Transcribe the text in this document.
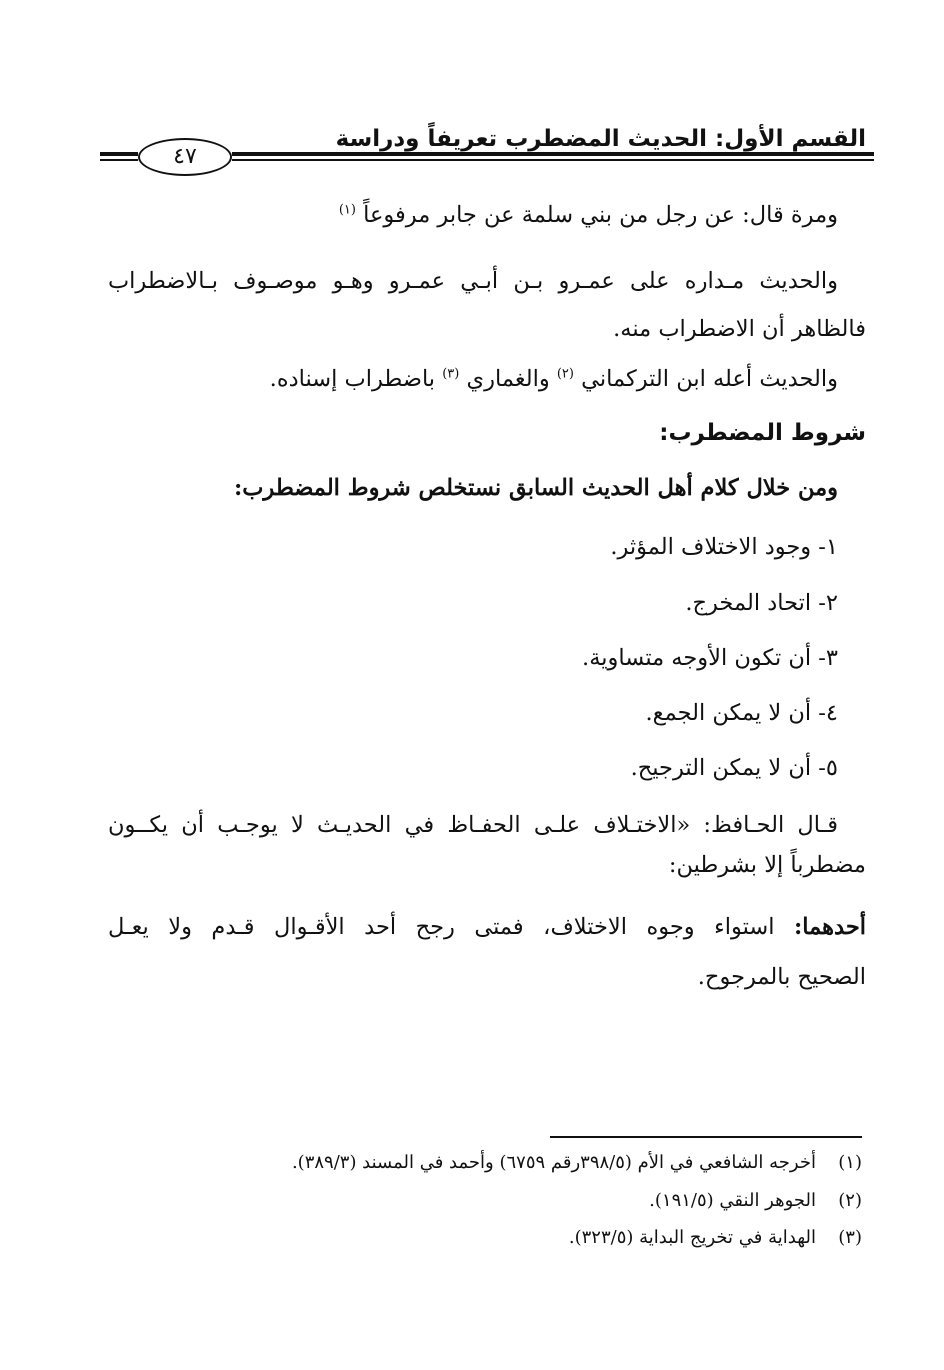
القسم الأول: الحديث المضطرب تعريفاً ودراسة
٤٧
ومرة قال: عن رجل من بني سلمة عن جابر مرفوعاً $^{(١)}$
والحديث مـداره على عمـرو بـن أبـي عمـرو وهـو موصـوف بـالاضطراب
فالظاهر أن الاضطراب منه.
والحديث أعله ابن التركماني $^{(٢)}$ والغماري $^{(٣)}$ باضطراب إسناده.
شروط المضطرب:
ومن خلال كلام أهل الحديث السابق نستخلص شروط المضطرب:
١- وجود الاختلاف المؤثر.
٢- اتحاد المخرج.
٣- أن تكون الأوجه متساوية.
٤- أن لا يمكن الجمع.
٥- أن لا يمكن الترجيح.
قـال الحـافظ: «الاختـلاف علـى الحفـاظ في الحديـث لا يوجـب أن يكــون
مضطرباً إلا بشرطين:
أحدهما: استواء وجوه الاختلاف، فمتى رجح أحد الأقـوال قـدم ولا يعـل
الصحيح بالمرجوح.
(١)أخرجه الشافعي في الأم (٣٩٨/٥رقم ٦٧٥٩) وأحمد في المسند (٣٨٩/٣).
(٢)الجوهر النقي (١٩١/٥).
(٣)الهداية في تخريج البداية (٣٢٣/٥).
